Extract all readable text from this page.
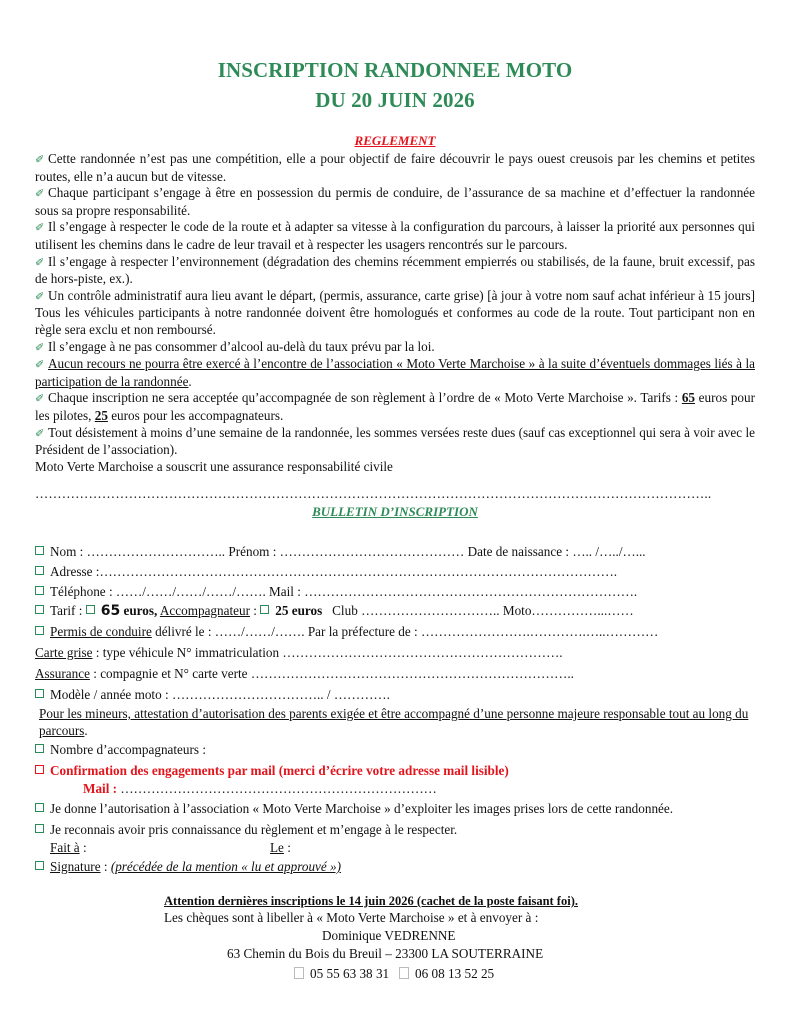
INSCRIPTION RANDONNEE MOTO
DU 20 JUIN 2026
REGLEMENT

✐ Cette randonnée n’est pas une compétition, elle a pour objectif de faire découvrir le pays ouest creusois par les chemins et petites routes, elle n’a aucun but de vitesse.

✐ Chaque participant s’engage à être en possession du permis de conduire, de l’assurance de sa machine et d’effectuer la randonnée sous sa propre responsabilité.

✐ Il s’engage à respecter le code de la route et à adapter sa vitesse à la configuration du parcours, à laisser la priorité aux personnes qui utilisent les chemins dans le cadre de leur travail et à respecter les usagers rencontrés sur le parcours.

✐ Il s’engage à respecter l’environnement (dégradation des chemins récemment empierrés ou stabilisés, de la faune, bruit excessif, pas de hors-piste, ex.).

✐ Un contrôle administratif aura lieu avant le départ, (permis, assurance, carte grise) [à jour à votre nom sauf achat inférieur à 15 jours] Tous les véhicules participants à notre randonnée doivent être homologués et conformes au code de la route. Tout participant non en règle sera exclu et non remboursé.

✐ Il s’engage à ne pas consommer d’alcool au-delà du taux prévu par la loi.

✐ Aucun recours ne pourra être exercé à l’encontre de l’association « Moto Verte Marchoise » à la suite d’éventuels dommages liés à la participation de la randonnée.

✐ Chaque inscription ne sera acceptée qu’accompagnée de son règlement à l’ordre de « Moto Verte Marchoise ». Tarifs : 65 euros pour les pilotes, 25 euros pour les accompagnateurs.

✐ Tout désistement à moins d’une semaine de la randonnée, les sommes versées reste dues (sauf cas exceptionnel qui sera à voir avec le Président de l’association).

Moto Verte Marchoise a souscrit une assurance responsabilité civile

……………………………………………………………………………………………………………………………………..
BULLETIN D’INSCRIPTION
Nom : ………………………….. Prénom : …………………………………… Date de naissance : ….. /…../…...
Adresse :……………………………………………………………………………………………………….
Téléphone : ……/……/……/……/……. Mail : ………………………………………………………………….
Tarif : 65 euros, Accompagnateur : 25 euros Club ………………………….. Moto……………...……
Permis de conduire délivré le : ……/……/……. Par la préfecture de : …………………….………….…..…………
Carte grise : type véhicule N° immatriculation ……………………………………………………….
Assurance : compagnie et N° carte verte ………………………………………………………………..
Modèle / année moto : …………………………….. / ………….
Pour les mineurs, attestation d’autorisation des parents exigée et être accompagné d’une personne majeure responsable tout au long du parcours.
Nombre d’accompagnateurs :
Confirmation des engagements par mail (merci d’écrire votre adresse mail lisible)
Mail : ………………………………………………………………
Je donne l’autorisation à l’association « Moto Verte Marchoise » d’exploiter les images prises lors de cette randonnée.
Je reconnais avoir pris connaissance du règlement et m’engage à le respecter.
Fait à :	Le :
Signature : (précédée de la mention « lu et approuvé »)
Attention dernières inscriptions le 14 juin 2026 (cachet de la poste faisant foi).
Les chèques sont à libeller à « Moto Verte Marchoise » et à envoyer à :
Dominique VEDRENNE
63 Chemin du Bois du Breuil – 23300 LA SOUTERRAINE
05 55 63 38 31 06 08 13 52 25
